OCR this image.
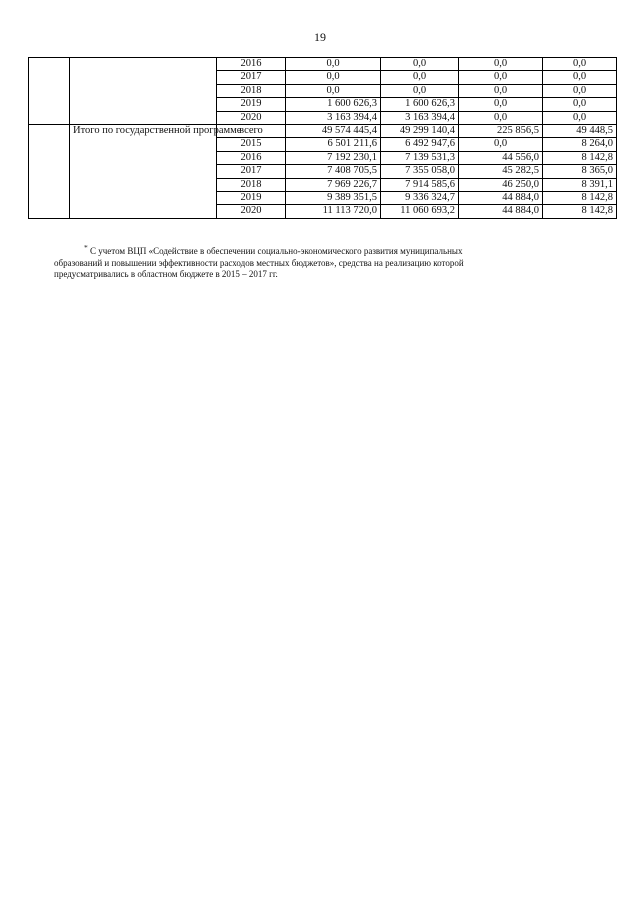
19
		2016	0,0	0,0	0,0	0,0
		2017	0,0	0,0	0,0	0,0
		2018	0,0	0,0	0,0	0,0
		2019	1 600 626,3	1 600 626,3	0,0	0,0
		2020	3 163 394,4	3 163 394,4	0,0	0,0
	Итого по государственной программе	всего	49 574 445,4	49 299 140,4	225 856,5	49 448,5
		2015	6 501 211,6	6 492 947,6	0,0	8 264,0
		2016	7 192 230,1	7 139 531,3	44 556,0	8 142,8
		2017	7 408 705,5	7 355 058,0	45 282,5	8 365,0
		2018	7 969 226,7	7 914 585,6	46 250,0	8 391,1
		2019	9 389 351,5	9 336 324,7	44 884,0	8 142,8
		2020	11 113 720,0	11 060 693,2	44 884,0	8 142,8
* С учетом ВЦП «Содействие в обеспечении социально-экономического развития муниципальных
образований и повышении эффективности расходов местных бюджетов», средства на реализацию которой
предусматривались в областном бюджете в 2015 – 2017 гг.
